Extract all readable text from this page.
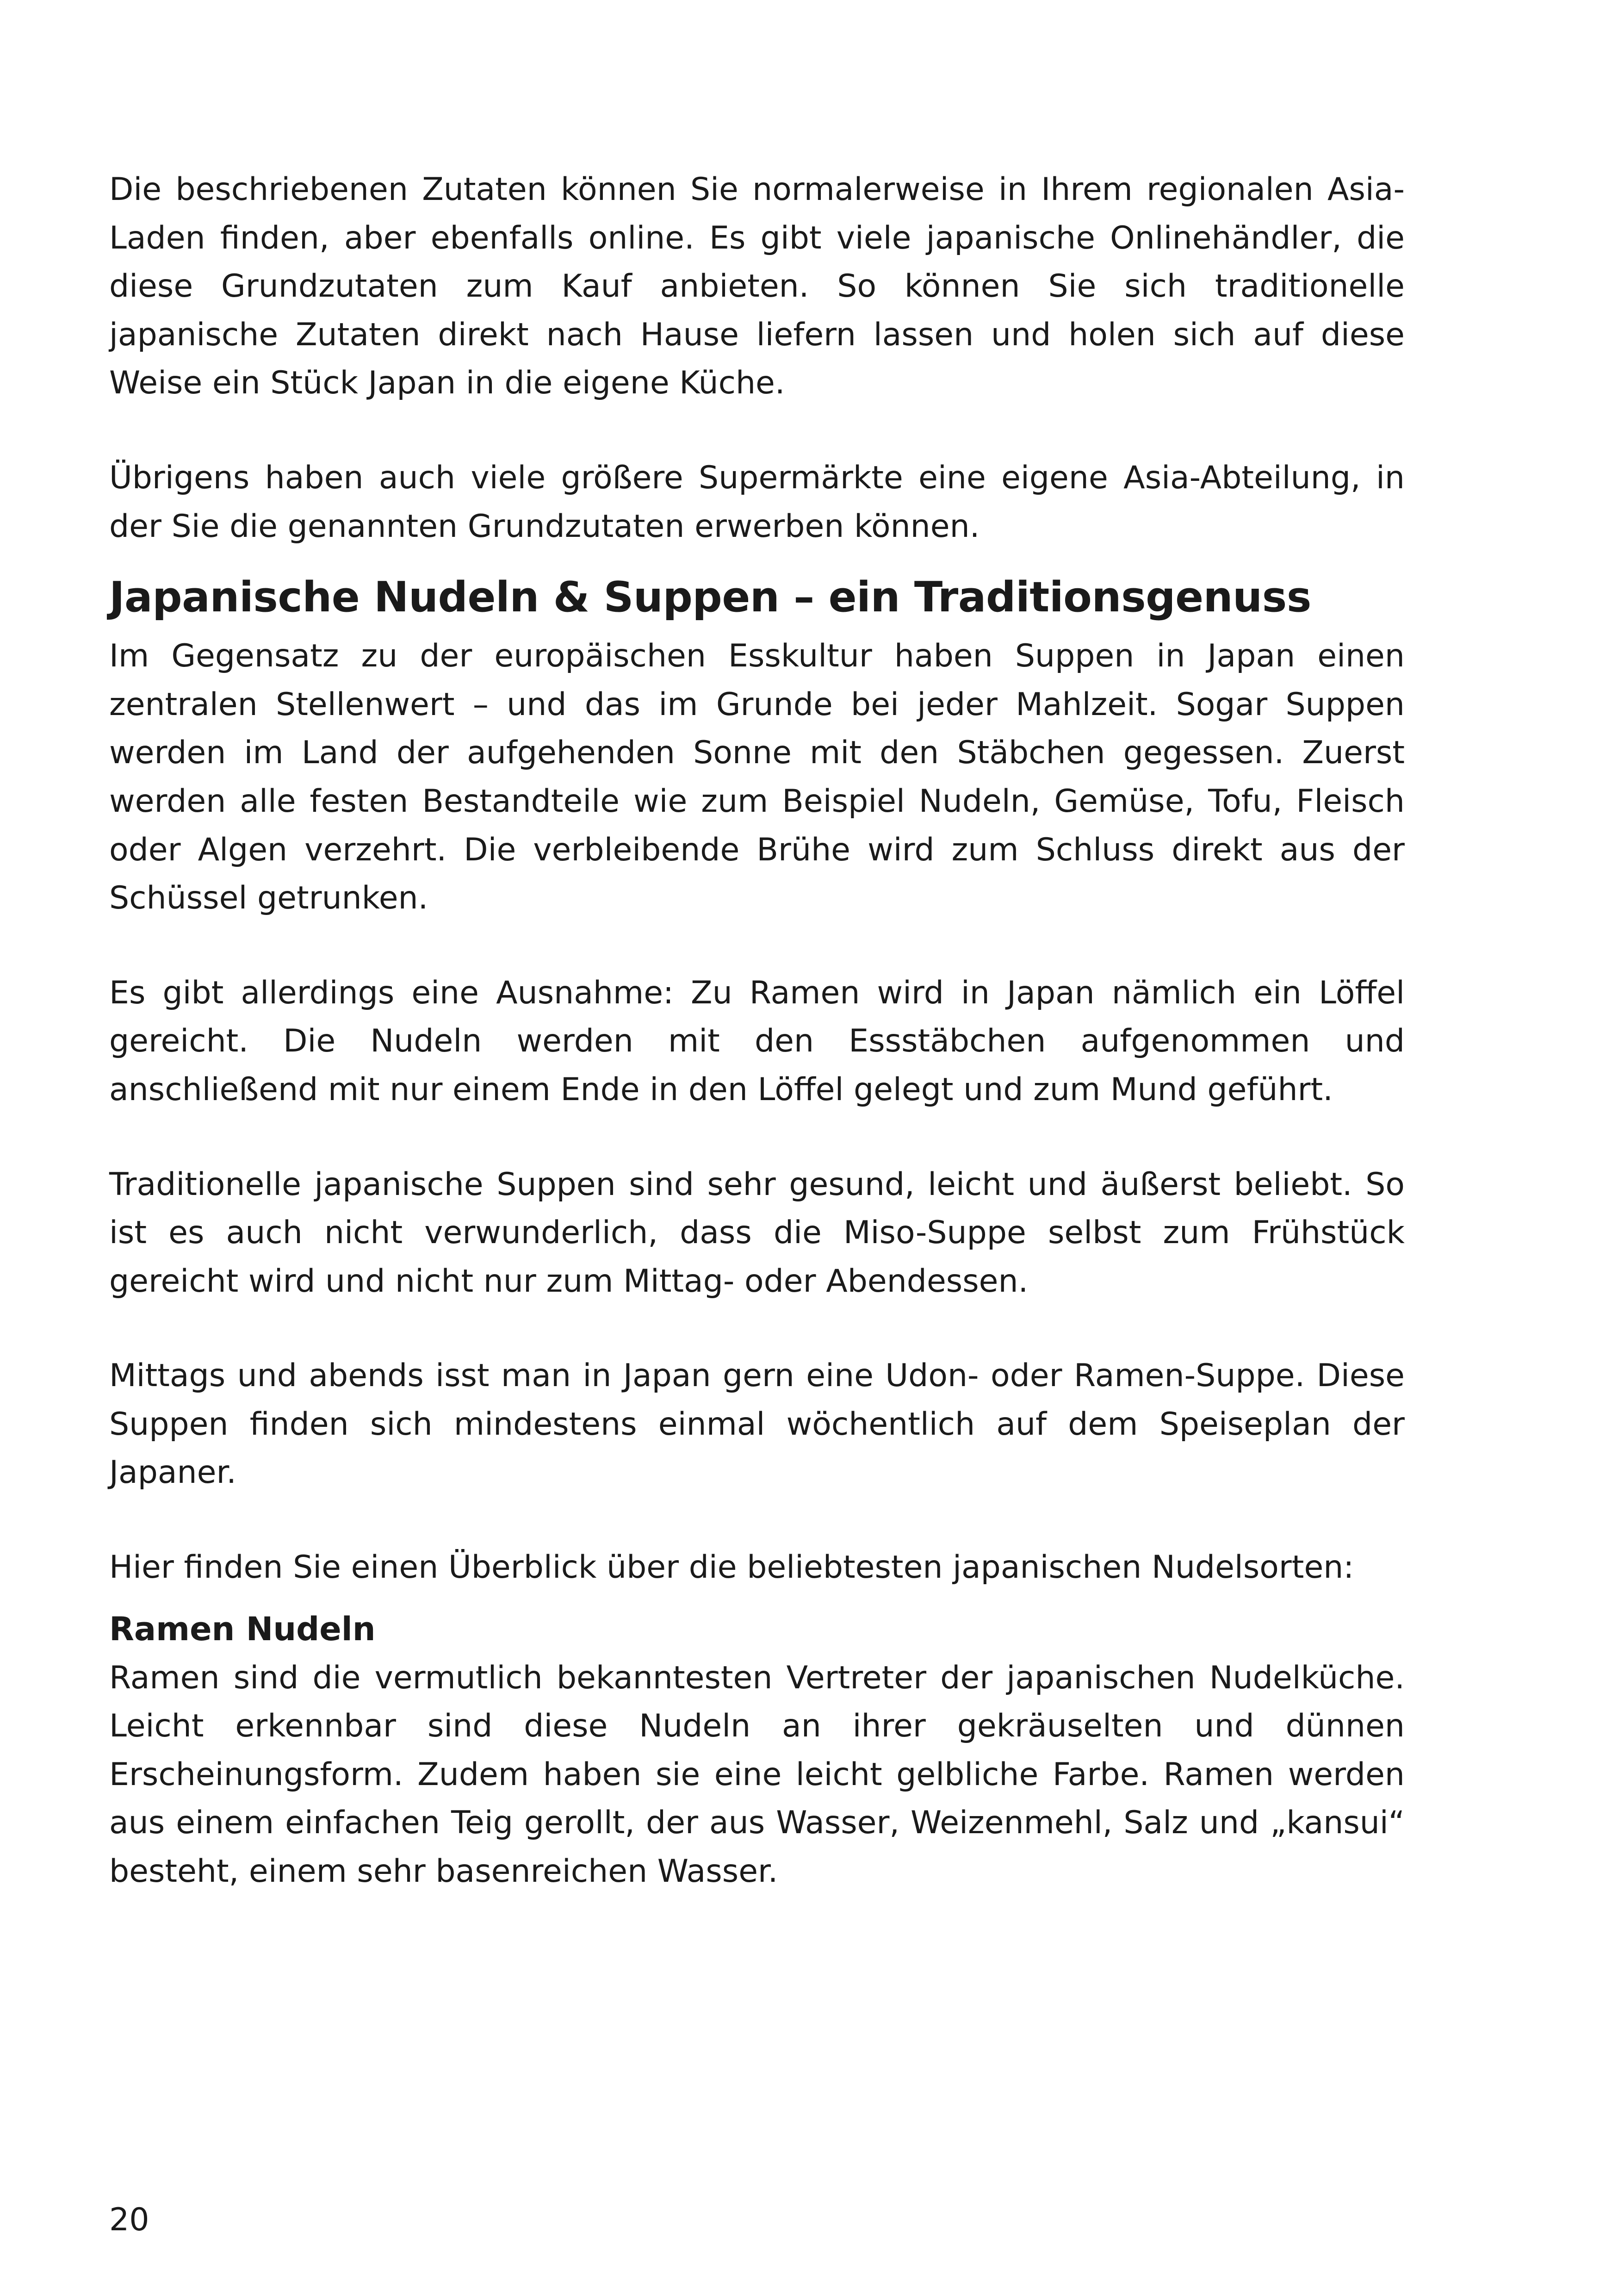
Die beschriebenen Zutaten können Sie normalerweise in Ihrem regionalen Asia-Laden finden, aber ebenfalls online. Es gibt viele japanische Onlinehändler, die diese Grundzutaten zum Kauf anbieten. So können Sie sich traditionelle japanische Zutaten direkt nach Hause liefern lassen und holen sich auf diese Weise ein Stück Japan in die eigene Küche.

Übrigens haben auch viele größere Supermärkte eine eigene Asia-Abteilung, in der Sie die genannten Grundzutaten erwerben können.

Japanische Nudeln & Suppen – ein Traditionsgenuss

Im Gegensatz zu der europäischen Esskultur haben Suppen in Japan einen zentralen Stellenwert – und das im Grunde bei jeder Mahlzeit. Sogar Suppen werden im Land der aufgehenden Sonne mit den Stäbchen gegessen. Zuerst werden alle festen Bestandteile wie zum Beispiel Nudeln, Gemüse, Tofu, Fleisch oder Algen verzehrt. Die verbleibende Brühe wird zum Schluss direkt aus der Schüssel getrunken.

Es gibt allerdings eine Ausnahme: Zu Ramen wird in Japan nämlich ein Löffel gereicht. Die Nudeln werden mit den Essstäbchen aufgenommen und anschließend mit nur einem Ende in den Löffel gelegt und zum Mund geführt.

Traditionelle japanische Suppen sind sehr gesund, leicht und äußerst beliebt. So ist es auch nicht verwunderlich, dass die Miso-Suppe selbst zum Frühstück gereicht wird und nicht nur zum Mittag- oder Abendessen.

Mittags und abends isst man in Japan gern eine Udon- oder Ramen-Suppe. Diese Suppen finden sich mindestens einmal wöchentlich auf dem Speiseplan der Japaner.

Hier finden Sie einen Überblick über die beliebtesten japanischen Nudelsorten:

Ramen Nudeln

Ramen sind die vermutlich bekanntesten Vertreter der japanischen Nudelküche. Leicht erkennbar sind diese Nudeln an ihrer gekräuselten und dünnen Erscheinungsform. Zudem haben sie eine leicht gelbliche Farbe. Ramen werden aus einem einfachen Teig gerollt, der aus Wasser, Weizenmehl, Salz und „kansui“ besteht, einem sehr basenreichen Wasser.

20
